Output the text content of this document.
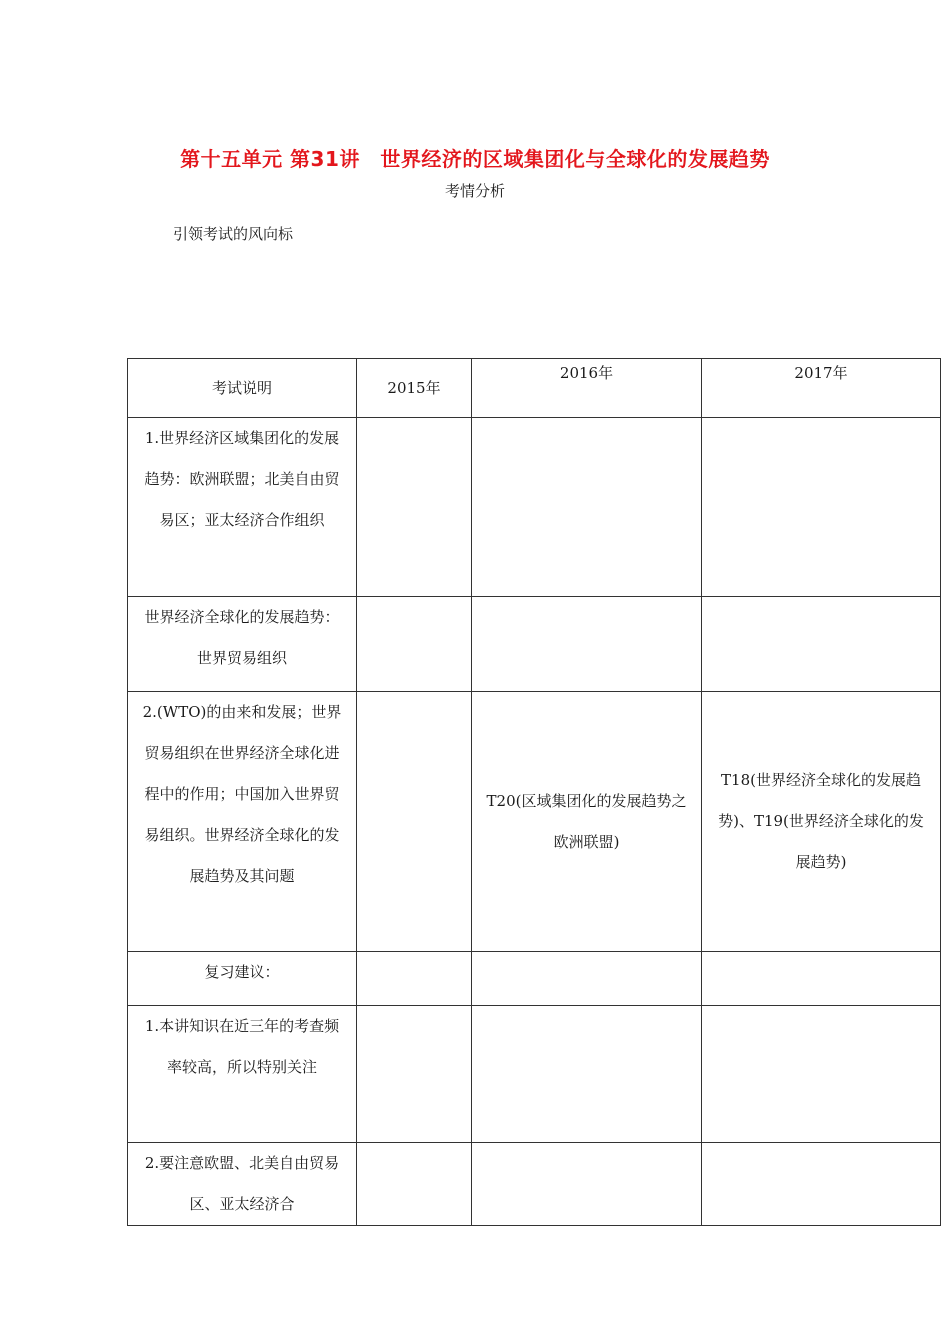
第十五单元 第31讲　世界经济的区域集团化与全球化的发展趋势
考情分析
引领考试的风向标
考试说明	2015年	2016年	2017年
1.世界经济区域集团化的发展趋势：欧洲联盟；北美自由贸易区；亚太经济合作组织			
世界经济全球化的发展趋势：世界贸易组织			
2.(WTO)的由来和发展；世界贸易组织在世界经济全球化进程中的作用；中国加入世界贸易组织。世界经济全球化的发展趋势及其问题		T20(区域集团化的发展趋势之欧洲联盟)	T18(世界经济全球化的发展趋势)、T19(世界经济全球化的发展趋势)
复习建议：			
1.本讲知识在近三年的考查频率较高，所以特别关注			
2.要注意欧盟、北美自由贸易区、亚太经济合			
